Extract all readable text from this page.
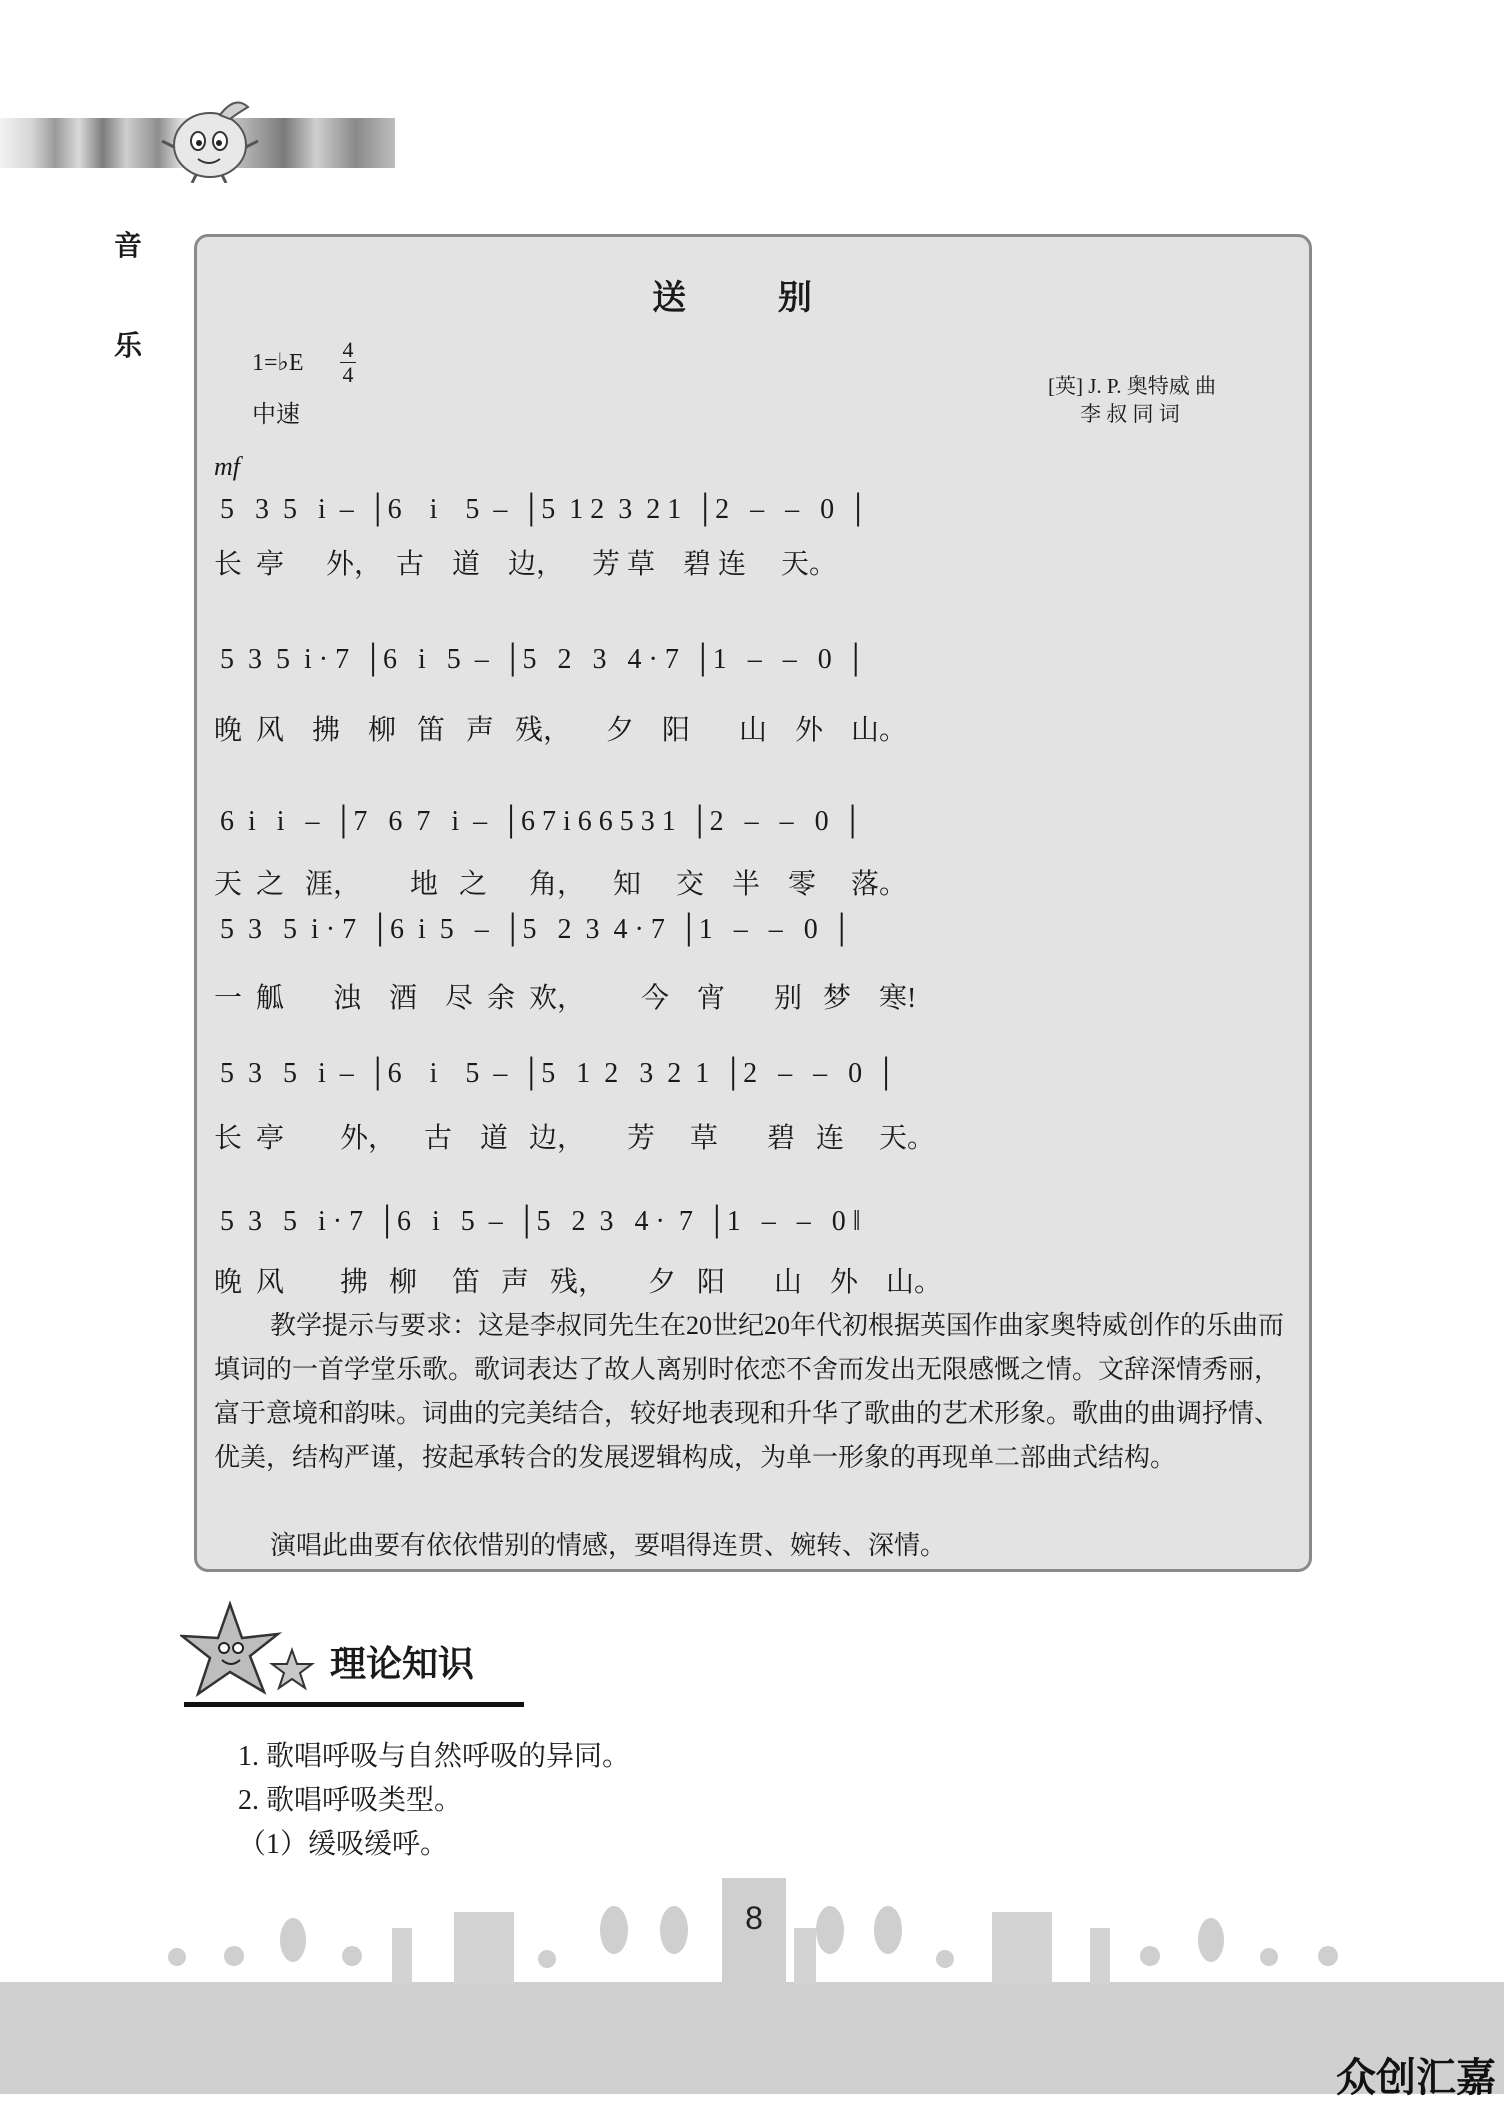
音
乐
送 别
1=♭E
4
4
中速
[英] J. P. 奥特威 曲
李 叔 同 词
mf
5   3  5   i  –  │6    i    5  –  │5  1 2  3  2 1  │2   –   –   0  │
长  亭      外，  古    道    边，    芳 草    碧 连     天。
5  3  5  i · 7  │6   i   5  –  │5   2   3   4 · 7  │1   –   –   0  │
晚  风    拂    柳   笛   声   残，     夕    阳       山    外    山。
6  i   i   –  │7   6  7   i  –  │6 7 i 6 6 5 3 1  │2   –   –   0  │
天  之   涯，       地   之      角，    知     交    半    零     落。
5  3   5  i · 7  │6  i  5   –  │5   2  3  4 · 7  │1   –   –   0  │
一  觚       浊    酒    尽  余  欢，        今    宵       别   梦    寒!
5  3   5   i  –  │6    i    5  –  │5   1  2   3  2  1  │2   –   –   0  │
长  亭        外，    古    道   边，      芳     草       碧   连     天。
5  3   5   i · 7  │6   i   5  –  │5   2  3   4 ·  7  │1   –   –   0 ‖
晚  风        拂   柳     笛   声   残，      夕   阳       山    外    山。
教学提示与要求：这是李叔同先生在20世纪20年代初根据英国作曲家奥特威创作的乐曲而填词的一首学堂乐歌。歌词表达了故人离别时依恋不舍而发出无限感慨之情。文辞深情秀丽，富于意境和韵味。词曲的完美结合，较好地表现和升华了歌曲的艺术形象。歌曲的曲调抒情、优美，结构严谨，按起承转合的发展逻辑构成，为单一形象的再现单二部曲式结构。
演唱此曲要有依依惜别的情感，要唱得连贯、婉转、深情。
理论知识
1. 歌唱呼吸与自然呼吸的异同。
2. 歌唱呼吸类型。
（1）缓吸缓呼。
8
众创汇嘉
